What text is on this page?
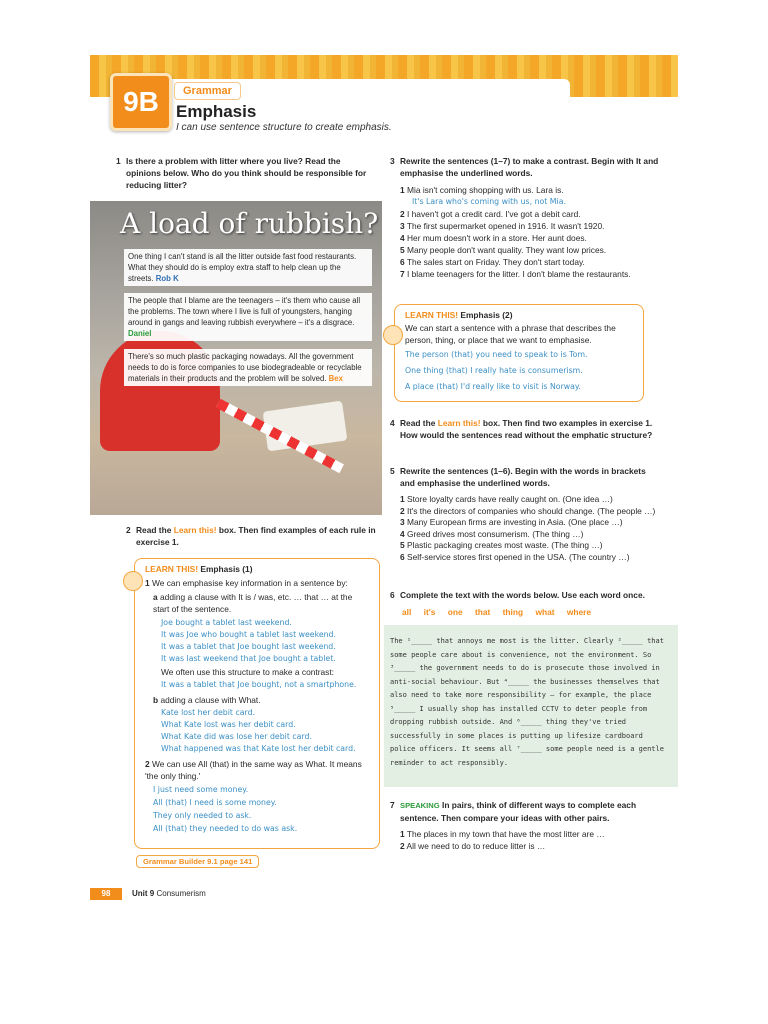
9B	Grammar
Emphasis
I can use sentence structure to create emphasis.
1 Is there a problem with litter where you live? Read the opinions below. Who do you think should be responsible for reducing litter?
A load of rubbish?
One thing I can't stand is all the litter outside fast food restaurants. What they should do is employ extra staff to help clean up the streets. Rob K
The people that I blame are the teenagers – it's them who cause all the problems. The town where I live is full of youngsters, hanging around in gangs and leaving rubbish everywhere – it's a disgrace. Daniel
There's so much plastic packaging nowadays. All the government needs to do is force companies to use biodegradeable or recyclable materials in their products and the problem will be solved. Bex
2 Read the Learn this! box. Then find examples of each rule in exercise 1.
LEARN THIS! Emphasis (1)
1 We can emphasise key information in a sentence by:
a adding a clause with It is / was, etc. … that … at the start of the sentence.
Joe bought a tablet last weekend.
It was Joe who bought a tablet last weekend.
It was a tablet that Joe bought last weekend.
It was last weekend that Joe bought a tablet.
We often use this structure to make a contrast:
It was a tablet that Joe bought, not a smartphone.
b adding a clause with What.
Kate lost her debit card.
What Kate lost was her debit card.
What Kate did was lose her debit card.
What happened was that Kate lost her debit card.
2 We can use All (that) in the same way as What. It means 'the only thing.'
I just need some money.
All (that) I need is some money.
They only needed to ask.
All (that) they needed to do was ask.
Grammar Builder 9.1 page 141
3 Rewrite the sentences (1–7) to make a contrast. Begin with It and emphasise the underlined words.
1 Mia isn't coming shopping with us. Lara is.
It's Lara who's coming with us, not Mia.
2 I haven't got a credit card. I've got a debit card.
3 The first supermarket opened in 1916. It wasn't 1920.
4 Her mum doesn't work in a store. Her aunt does.
5 Many people don't want quality. They want low prices.
6 The sales start on Friday. They don't start today.
7 I blame teenagers for the litter. I don't blame the restaurants.
LEARN THIS! Emphasis (2)
We can start a sentence with a phrase that describes the person, thing, or place that we want to emphasise.
The person (that) you need to speak to is Tom.
One thing (that) I really hate is consumerism.
A place (that) I'd really like to visit is Norway.
4 Read the Learn this! box. Then find two examples in exercise 1. How would the sentences read without the emphatic structure?
5 Rewrite the sentences (1–6). Begin with the words in brackets and emphasise the underlined words.
1 Store loyalty cards have really caught on. (One idea …)
2 It's the directors of companies who should change. (The people …)
3 Many European firms are investing in Asia. (One place …)
4 Greed drives most consumerism. (The thing …)
5 Plastic packaging creates most waste. (The thing …)
6 Self-service stores first opened in the USA. (The country …)
6 Complete the text with the words below. Use each word once.
all it's one that thing what where
The ¹_____ that annoys me most is the litter. Clearly ²_____ that some people care about is convenience, not the environment. So ³_____ the government needs to do is prosecute those involved in anti-social behaviour. But ⁴_____ the businesses themselves that also need to take more responsibility – for example, the place ⁵_____ I usually shop has installed CCTV to deter people from dropping rubbish outside. And ⁶_____ thing they've tried successfully in some places is putting up lifesize cardboard police officers. It seems all ⁷_____ some people need is a gentle reminder to act responsibly.
7 SPEAKING In pairs, think of different ways to complete each sentence. Then compare your ideas with other pairs.
1 The places in my town that have the most litter are …
2 All we need to do to reduce litter is …
98	Unit 9 Consumerism
